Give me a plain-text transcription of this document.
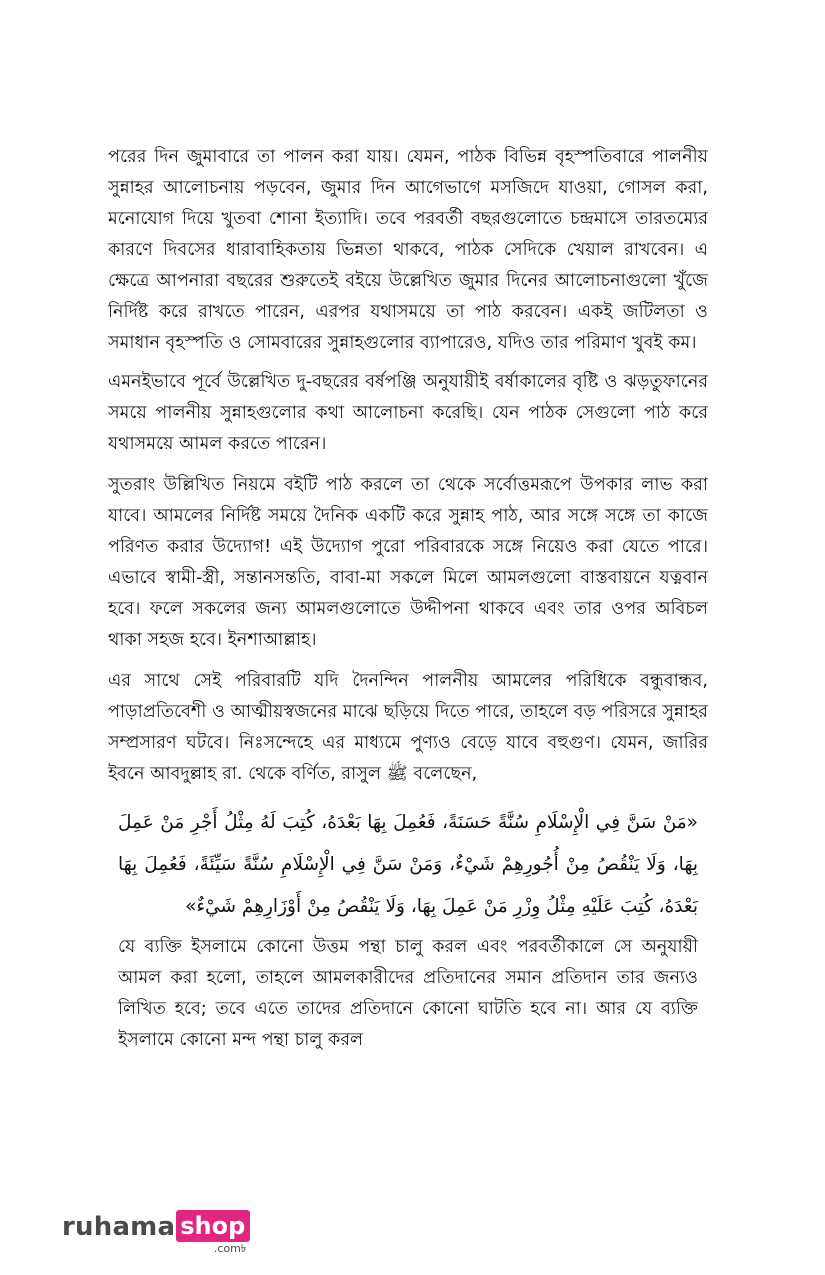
পরের দিন জুমাবারে তা পালন করা যায়। যেমন, পাঠক বিভিন্ন বৃহস্পতিবারে পালনীয় সুন্নাহর আলোচনায় পড়বেন, জুমার দিন আগেভাগে মসজিদে যাওয়া, গোসল করা, মনোযোগ দিয়ে খুতবা শোনা ইত্যাদি। তবে পরবর্তী বছরগুলোতে চন্দ্রমাসে তারতম্যের কারণে দিবসের ধারাবাহিকতায় ভিন্নতা থাকবে, পাঠক সেদিকে খেয়াল রাখবেন। এ ক্ষেত্রে আপনারা বছরের শুরুতেই বইয়ে উল্লেখিত জুমার দিনের আলোচনাগুলো খুঁজে নির্দিষ্ট করে রাখতে পারেন, এরপর যথাসময়ে তা পাঠ করবেন। একই জটিলতা ও সমাধান বৃহস্পতি ও সোমবারের সুন্নাহগুলোর ব্যাপারেও, যদিও তার পরিমাণ খুবই কম।

এমনইভাবে পূর্বে উল্লেখিত দু-বছরের বর্ষপঞ্জি অনুযায়ীই বর্ষাকালের বৃষ্টি ও ঝড়তুফানের সময়ে পালনীয় সুন্নাহগুলোর কথা আলোচনা করেছি। যেন পাঠক সেগুলো পাঠ করে যথাসময়ে আমল করতে পারেন।

সুতরাং উল্লিখিত নিয়মে বইটি পাঠ করলে তা থেকে সর্বোত্তমরূপে উপকার লাভ করা যাবে। আমলের নির্দিষ্ট সময়ে দৈনিক একটি করে সুন্নাহ পাঠ, আর সঙ্গে সঙ্গে তা কাজে পরিণত করার উদ্যোগ! এই উদ্যোগ পুরো পরিবারকে সঙ্গে নিয়েও করা যেতে পারে। এভাবে স্বামী-স্ত্রী, সন্তানসন্ততি, বাবা-মা সকলে মিলে আমলগুলো বাস্তবায়নে যত্নবান হবে। ফলে সকলের জন্য আমলগুলোতে উদ্দীপনা থাকবে এবং তার ওপর অবিচল থাকা সহজ হবে। ইনশাআল্লাহ।

এর সাথে সেই পরিবারটি যদি দৈনন্দিন পালনীয় আমলের পরিধিকে বন্ধুবান্ধব, পাড়াপ্রতিবেশী ও আত্মীয়স্বজনের মাঝে ছড়িয়ে দিতে পারে, তাহলে বড় পরিসরে সুন্নাহর সম্প্রসারণ ঘটবে। নিঃসন্দেহে এর মাধ্যমে পুণ্যও বেড়ে যাবে বহুগুণ। যেমন, জারির ইবনে আবদুল্লাহ রা. থেকে বর্ণিত, রাসুল ﷺ বলেছেন,

«مَنْ سَنَّ فِي الْإِسْلَامِ سُنَّةً حَسَنَةً، فَعُمِلَ بِهَا بَعْدَهُ، كُتِبَ لَهُ مِثْلُ أَجْرِ مَنْ عَمِلَ بِهَا، وَلَا يَنْقُصُ مِنْ أُجُورِهِمْ شَيْءٌ، وَمَنْ سَنَّ فِي الْإِسْلَامِ سُنَّةً سَيِّئَةً، فَعُمِلَ بِهَا بَعْدَهُ، كُتِبَ عَلَيْهِ مِثْلُ وِزْرِ مَنْ عَمِلَ بِهَا، وَلَا يَنْقُصُ مِنْ أَوْزَارِهِمْ شَيْءٌ»

যে ব্যক্তি ইসলামে কোনো উত্তম পন্থা চালু করল এবং পরবর্তীকালে সে অনুযায়ী আমল করা হলো, তাহলে আমলকারীদের প্রতিদানের সমান প্রতিদান তার জন্যও লিখিত হবে; তবে এতে তাদের প্রতিদানে কোনো ঘাটতি হবে না। আর যে ব্যক্তি ইসলামে কোনো মন্দ পন্থা চালু করল

ruhama shop
.com৳
